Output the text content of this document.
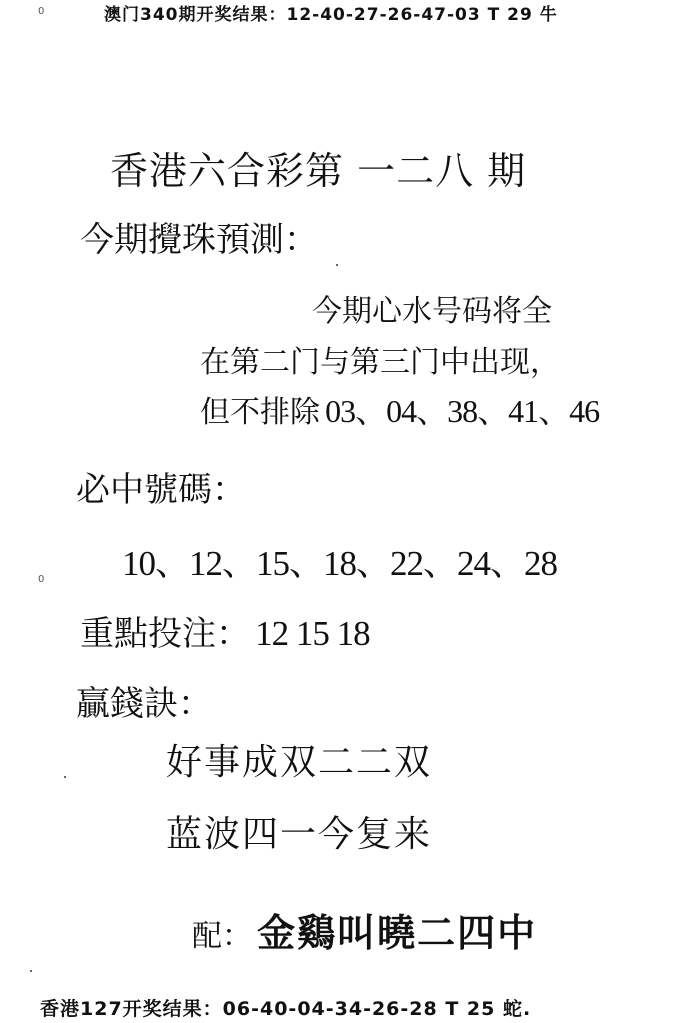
0	澳门340期开奖结果：12-40-27-26-47-03 T 29 牛
香港六合彩第 一二八 期
今期攪珠預測：
今期心水号码将全
在第二门与第三门中出现，
但不排除 03、04、38、41、46
必中號碼：
10、12、15、18、22、24、28
0
重點投注： 12 15 18
贏錢訣：
好事成双二二双
蓝波四一今复来
配： 金鷄叫曉二四中
香港127开奖结果：06-40-04-34-26-28 T 25 蛇.
